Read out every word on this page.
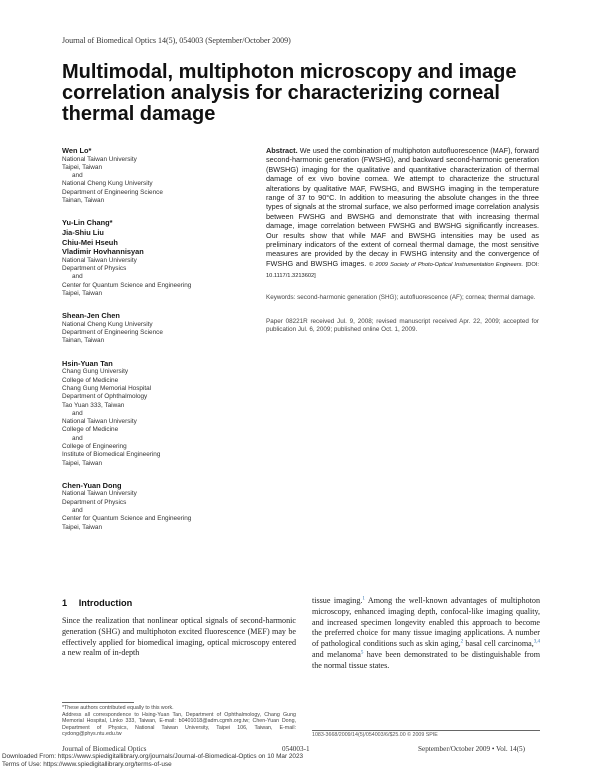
Journal of Biomedical Optics 14(5), 054003 (September/October 2009)
Multimodal, multiphoton microscopy and image correlation analysis for characterizing corneal thermal damage
Wen Lo*
National Taiwan University
Taipei, Taiwan
and
National Cheng Kung University
Department of Engineering Science
Tainan, Taiwan
Yu-Lin Chang*
Jia-Shiu Liu
Chiu-Mei Hseuh
Vladimir Hovhannisyan
National Taiwan University
Department of Physics
and
Center for Quantum Science and Engineering
Taipei, Taiwan
Shean-Jen Chen
National Cheng Kung University
Department of Engineering Science
Tainan, Taiwan
Hsin-Yuan Tan
Chang Gung University
College of Medicine
Chang Gung Memorial Hospital
Department of Ophthalmology
Tao Yuan 333, Taiwan
and
National Taiwan University
College of Medicine
and
College of Engineering
Institute of Biomedical Engineering
Taipei, Taiwan
Chen-Yuan Dong
National Taiwan University
Department of Physics
and
Center for Quantum Science and Engineering
Taipei, Taiwan
Abstract. We used the combination of multiphoton autofluorescence (MAF), forward second-harmonic generation (FWSHG), and backward second-harmonic generation (BWSHG) imaging for the qualitative and quantitative characterization of thermal damage of ex vivo bovine cornea. We attempt to characterize the structural alterations by qualitative MAF, FWSHG, and BWSHG imaging in the temperature range of 37 to 90°C. In addition to measuring the absolute changes in the three types of signals at the stromal surface, we also performed image correlation analysis between FWSHG and BWSHG and demonstrate that with increasing thermal damage, image correlation between FWSHG and BWSHG significantly increases. Our results show that while MAF and BWSHG intensities may be used as preliminary indicators of the extent of corneal thermal damage, the most sensitive measures are provided by the decay in FWSHG intensity and the convergence of FWSHG and BWSHG images. © 2009 Society of Photo-Optical Instrumentation Engineers. [DOI: 10.1117/1.3213602]
Keywords: second-harmonic generation (SHG); autofluorescence (AF); cornea; thermal damage.
Paper 08221R received Jul. 9, 2008; revised manuscript received Apr. 22, 2009; accepted for publication Jul. 6, 2009; published online Oct. 1, 2009.
1 Introduction
Since the realization that nonlinear optical signals of second-harmonic generation (SHG) and multiphoton excited fluorescence (MEF) may be effectively applied for biomedical imaging, optical microscopy entered a new realm of in-depth
tissue imaging.$^1$ Among the well-known advantages of multiphoton microscopy, enhanced imaging depth, confocal-like imaging quality, and increased specimen longevity enabled this approach to become the preferred choice for many tissue imaging applications. A number of pathological conditions such as skin aging,$^2$ basal cell carcinoma,$^{3,4}$ and melanoma$^5$ have been demonstrated to be distinguishable from the normal tissue states.
*These authors contributed equally to this work.
Address all correspondence to Hsing-Yuan Tan, Department of Ophthalmology, Chang Gung Memorial Hospital, Linko 333, Taiwan, E-mail: b0401018@adm.cgmh.org.tw; Chen-Yuan Dong, Department of Physics, National Taiwan University, Taipei 106, Taiwan, E-mail: cydong@phys.ntu.edu.tw	1083-3668/2009/14(5)/054003/6/$25.00 © 2009 SPIE
Journal of Biomedical Optics	054003-1	September/October 2009 • Vol. 14(5)
Downloaded From: https://www.spiedigitallibrary.org/journals/Journal-of-Biomedical-Optics on 10 Mar 2023
Terms of Use: https://www.spiedigitallibrary.org/terms-of-use
